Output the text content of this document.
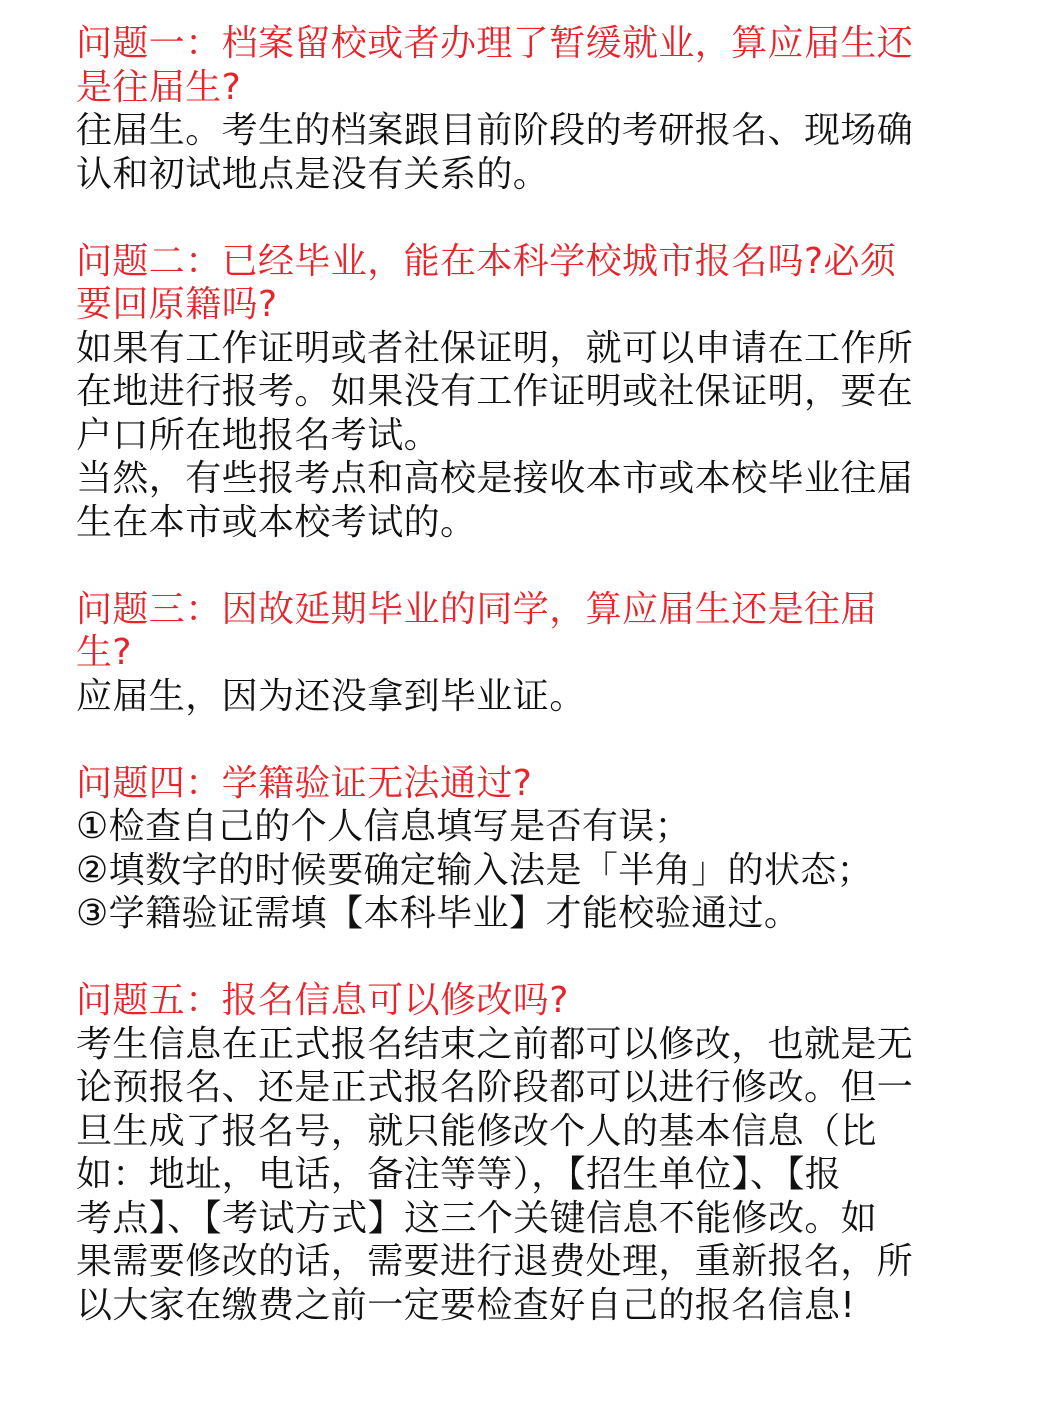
问题一：档案留校或者办理了暂缓就业，算应届生还
是往届生?
往届生。考生的档案跟目前阶段的考研报名、现场确
认和初试地点是没有关系的。
问题二：已经毕业，能在本科学校城市报名吗?必须
要回原籍吗?
如果有工作证明或者社保证明，就可以申请在工作所
在地进行报考。如果没有工作证明或社保证明，要在
户口所在地报名考试。
当然，有些报考点和高校是接收本市或本校毕业往届
生在本市或本校考试的。
问题三：因故延期毕业的同学，算应届生还是往届
生?
应届生，因为还没拿到毕业证。
问题四：学籍验证无法通过?
①检查自己的个人信息填写是否有误；
②填数字的时候要确定输入法是「半角」的状态；
③学籍验证需填【本科毕业】才能校验通过。
问题五：报名信息可以修改吗?
考生信息在正式报名结束之前都可以修改，也就是无
论预报名、还是正式报名阶段都可以进行修改。但一
旦生成了报名号，就只能修改个人的基本信息（比
如：地址，电话，备注等等），【招生单位】、【报
考点】、【考试方式】这三个关键信息不能修改。如
果需要修改的话，需要进行退费处理，重新报名，所
以大家在缴费之前一定要检查好自己的报名信息!
